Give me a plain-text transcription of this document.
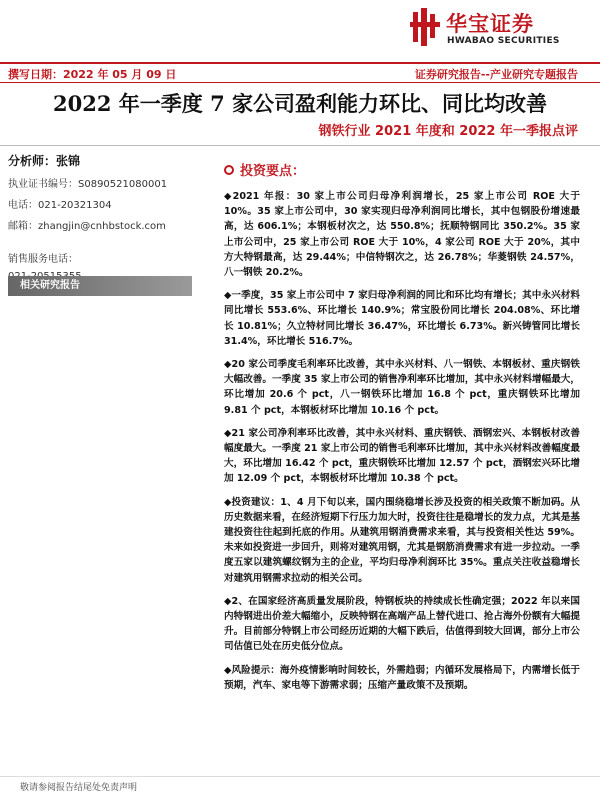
华宝证券
HWABAO SECURITIES
撰写日期：2022 年 05 月 09 日	证券研究报告--产业研究专题报告
2022 年一季度 7 家公司盈利能力环比、同比均改善
钢铁行业 2021 年度和 2022 年一季报点评
分析师：张锦
执业证书编号：S0890521080001
电话：021-20321304
邮箱：zhangjin@cnhbstock.com
销售服务电话：
相关研究报告
投资要点：

◆2021 年报：30 家上市公司归母净利润增长，25 家上市公司 ROE 大于 10%。35 家上市公司中，30 家实现归母净利润同比增长，其中包钢股份增速最高，达 606.1%；本钢板材次之，达 550.8%；抚顺特钢同比 350.2%。35 家上市公司中，25 家上市公司 ROE 大于 10%，4 家公司 ROE 大于 20%，其中方大特钢最高，达 29.44%；中信特钢次之，达 26.78%；华菱钢铁 24.57%，八一钢铁 20.2%。

◆一季度，35 家上市公司中 7 家归母净利润的同比和环比均有增长；其中永兴材料同比增长 553.6%、环比增长 140.9%；常宝股份同比增长 204.08%、环比增长 10.81%；久立特材同比增长 36.47%，环比增长 6.73%。新兴铸管同比增长 31.4%，环比增长 516.7%。

◆20 家公司季度毛利率环比改善，其中永兴材料、八一钢铁、本钢板材、重庆钢铁大幅改善。一季度 35 家上市公司的销售净利率环比增加，其中永兴材料增幅最大，环比增加 20.6 个 pct，八一钢铁环比增加 16.8 个 pct，重庆钢铁环比增加 9.81 个 pct，本钢板材环比增加 10.16 个 pct。

◆21 家公司净利率环比改善，其中永兴材料、重庆钢铁、酒钢宏兴、本钢板材改善幅度最大。一季度 21 家上市公司的销售毛利率环比增加，其中永兴材料改善幅度最大，环比增加 16.42 个 pct，重庆钢铁环比增加 12.57 个 pct，酒钢宏兴环比增加 12.09 个 pct，本钢板材环比增加 10.38 个 pct。

◆投资建议：1、4 月下旬以来，国内围绕稳增长涉及投资的相关政策不断加码。从历史数据来看，在经济短期下行压力加大时，投资往往是稳增长的发力点，尤其是基建投资往往起到托底的作用。从建筑用钢消费需求来看，其与投资相关性达 59%。未来如投资进一步回升，则将对建筑用钢，尤其是钢筋消费需求有进一步拉动。一季度五家以建筑螺纹钢为主的企业，平均归母净利润环比 35%。重点关注收益稳增长对建筑用钢需求拉动的相关公司。

◆2、在国家经济高质量发展阶段，特钢板块的持续成长性确定强；2022 年以来国内特钢进出价差大幅缩小，反映特钢在高端产品上替代进口、抢占海外份额有大幅提升。目前部分特钢上市公司经历近期的大幅下跌后，估值得到较大回调，部分上市公司估值已处在历史低分位点。

◆风险提示：海外疫情影响时间较长，外需趋弱；内循环发展格局下，内需增长低于预期，汽车、家电等下游需求弱；压缩产量政策不及预期。

敬请参阅报告结尾处免责声明
